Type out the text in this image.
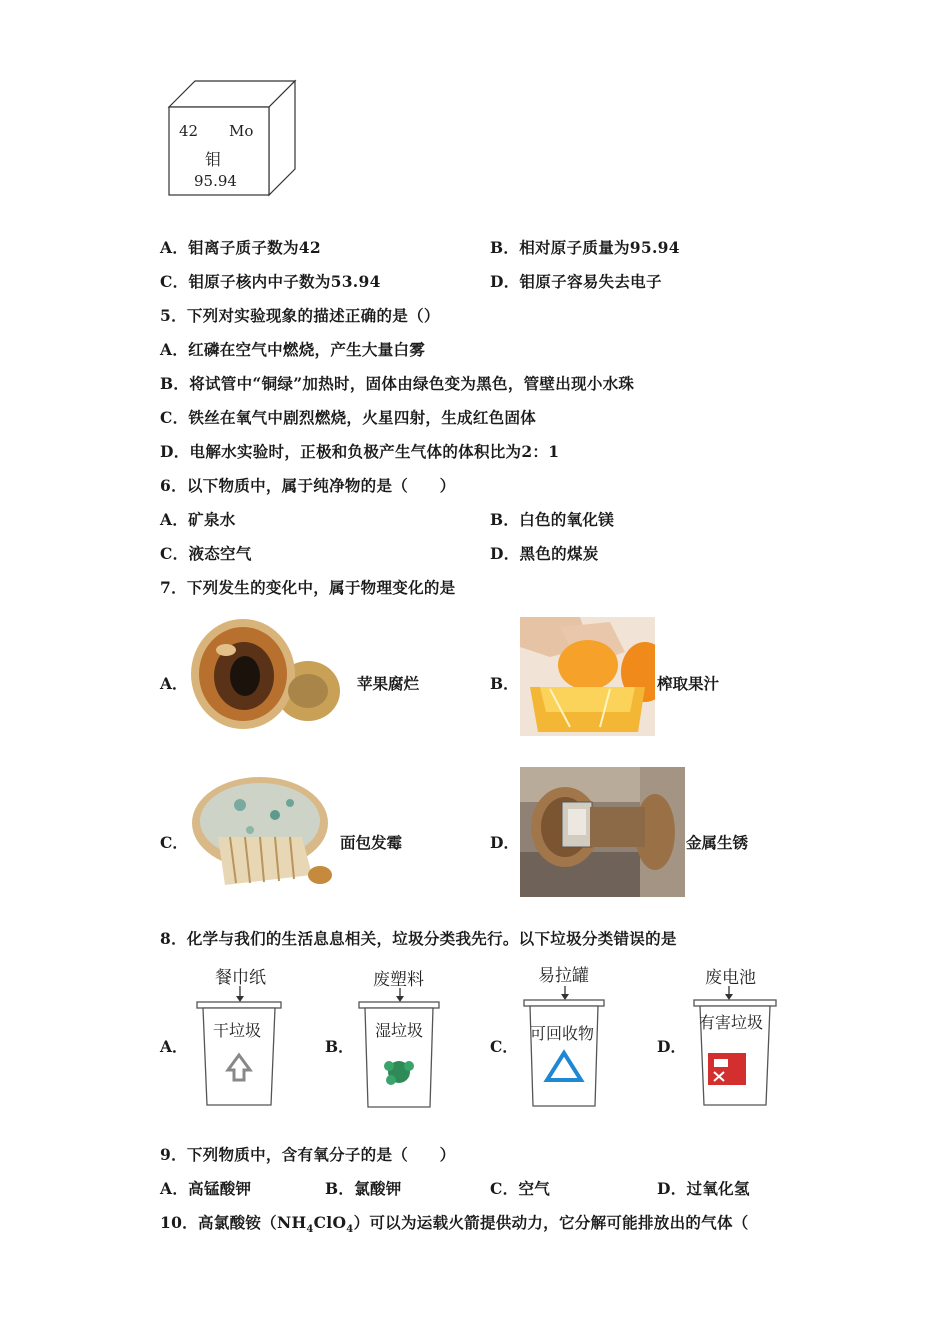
42 Mo
钼
95.94
A．钼离子质子数为42	B．相对原子质量为95.94
C．钼原子核内中子数为53.94	D．钼原子容易失去电子
5．下列对实验现象的描述正确的是（）
A．红磷在空气中燃烧，产生大量白雾
B．将试管中“铜绿”加热时，固体由绿色变为黑色，管壁出现小水珠
C．铁丝在氧气中剧烈燃烧，火星四射，生成红色固体
D．电解水实验时，正极和负极产生气体的体积比为2：1
6．以下物质中，属于纯净物的是（　　）
A．矿泉水	B．白色的氧化镁
C．液态空气	D．黑色的煤炭
7．下列发生的变化中，属于物理变化的是
A．	苹果腐烂	B．	榨取果汁
C．	面包发霉	D．	金属生锈
8．化学与我们的生活息息相关，垃圾分类我先行。以下垃圾分类错误的是
A．
餐巾纸
干垃圾
B．
废塑料
湿垃圾
C．
易拉罐
可回收物
D．
废电池
有害垃圾
9．下列物质中，含有氧分子的是（　　）
A．高锰酸钾	B．氯酸钾	C．空气	D．过氧化氢
10．高氯酸铵$(NH_4ClO_4)$可以为运载火箭提供动力，它分解可能排放出的气体（
